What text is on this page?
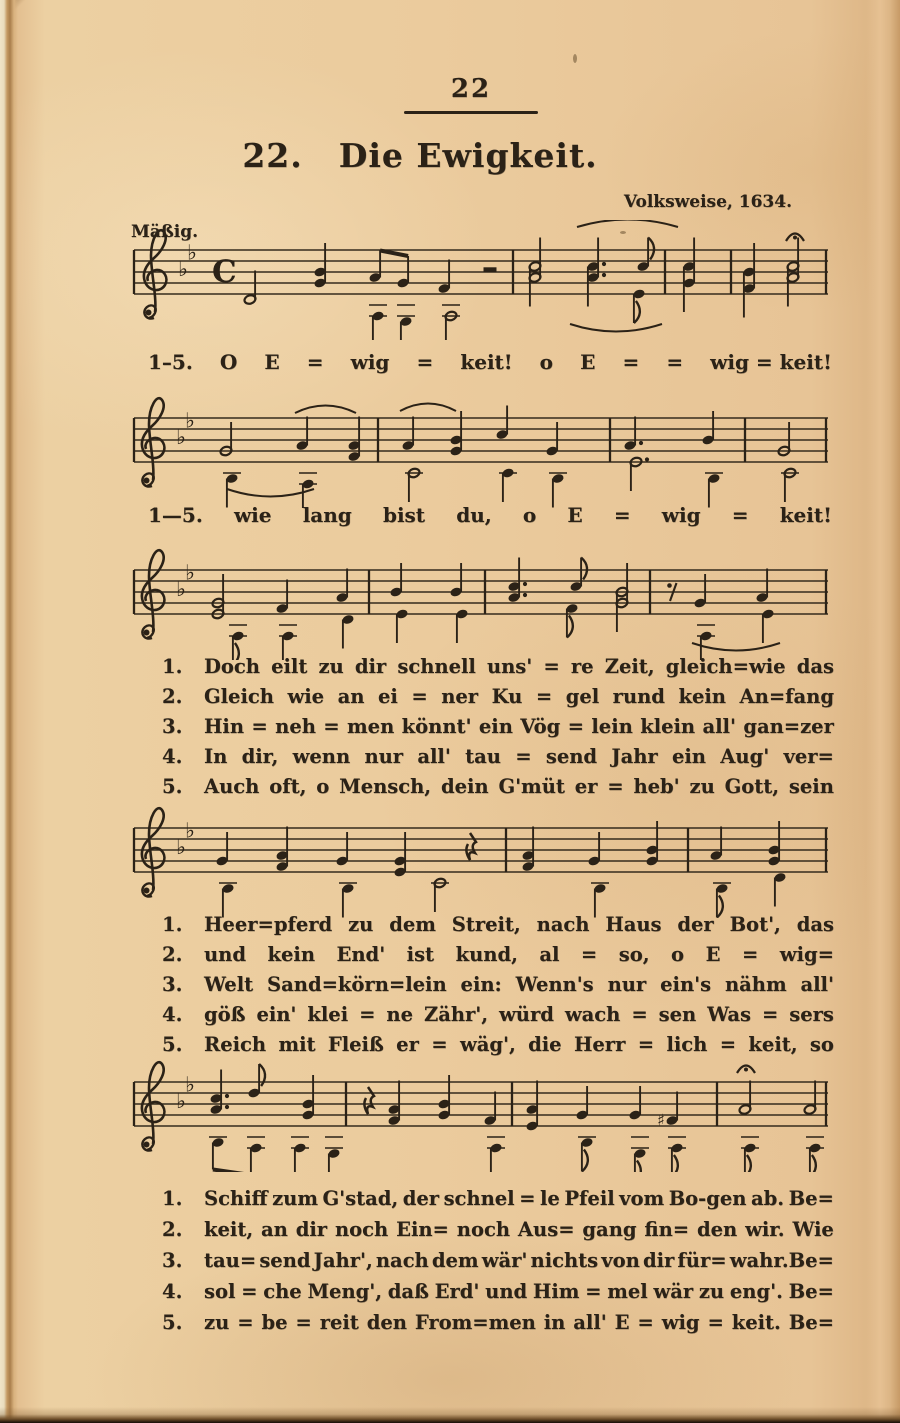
22
22. Die Ewigkeit.
Volksweise, 1634.
Mäßig.
♭
♭
C
1–5. O E = wig = keit! o E = = wig = keit!
♭
♭
1—5. wie lang bist du, o E = wig = keit!
♭
♭
1.	Doch eilt zu dir schnell uns' = re Zeit, gleich=wie das
2.	Gleich wie an ei = ner Ku = gel rund kein An=fang
3.	Hin = neh = men könnt' ein Vög = lein klein all' gan=zer
4.	In dir, wenn nur all' tau = send Jahr ein Aug' ver=
5.	Auch oft, o Mensch, dein G'müt er = heb' zu Gott, sein
♭
♭
1.	Heer=pferd zu dem Streit, nach Haus der Bot', das
2.	und kein End' ist kund, al = so, o E = wig=
3.	Welt Sand=körn=lein ein: Wenn's nur ein's nähm all'
4.	göß ein' klei = ne Zähr', würd wach = sen Was = sers
5.	Reich mit Fleiß er = wäg', die Herr = lich = keit, so
♭
♭
♯
1.	Schiff zum G'stad, der schnel = le Pfeil vom Bo-gen ab. Be=
2.	keit, an dir noch Ein= noch Aus= gang fin= den wir. Wie
3.	tau= send Jahr', nach dem wär' nichts von dir für= wahr.Be=
4.	sol = che Meng', daß Erd' und Him = mel wär zu eng'. Be=
5.	zu = be = reit den From=men in all' E = wig = keit. Be=
